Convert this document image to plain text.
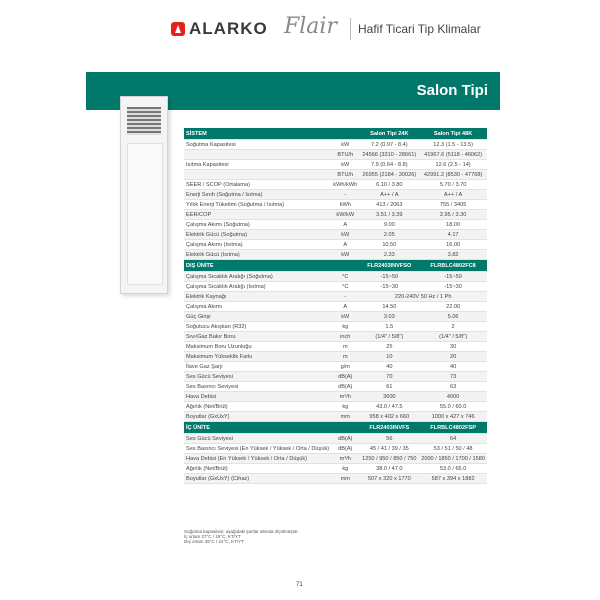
ALARKO Flair Hafif Ticari Tip Klimalar
Salon Tipi
SİSTEM		Salon Tipi 24K	Salon Tipi 48K
Soğutma Kapasitesi	kW	7.2 (0.97 - 8.4)	12.3 (1.5 - 13.5)
	BTU/h	24566 (3310 - 28661)	41967.6 (5118 - 46062)
Isıtma Kapasitesi	kW	7.9 (0.64 - 8.8)	12.6 (2.5 - 14)
	BTU/h	26955 (2184 - 30026)	42991.2 (8530 - 47768)
SEER / SCOP (Ortalama)	kWh/kWh	6.10 / 3.80	5.70 / 3.70
Enerji Sınıfı (Soğutma / Isıtma)	-	A++ / A	A++ / A
Yıllık Enerji Tüketimi (Soğutma / Isıtma)	kWh	413 / 2063	755 / 3405
EER/COP	kW/kW	3.51 / 3.39	2.95 / 3.30
Çalışma Akımı (Soğutma)	A	9.00	18.00
Elektrik Gücü (Soğutma)	kW	2.05	4.17
Çalışma Akımı (Isıtma)	A	10.50	16.00
Elektrik Gücü (Isıtma)	kW	2.33	3.82
DIŞ ÜNİTE		FLR2403INVFSO	FLRBLC4802FC8
Çalışma Sıcaklık Aralığı (Soğutma)	°C	-15~50	-15~50
Çalışma Sıcaklık Aralığı (Isıtma)	°C	-15~30	-15~30
Elektrik Kaynağı	-	220-240V 50 Hz / 1 Ph	
Çalışma Akımı	A	14.50	22.00
Güç Girişi	kW	3.03	5.06
Soğutucu Akışkan (R32)	kg	1.5	2
Sıvı/Gaz Bakır Boru	inch	(1/4" / 5/8")	(1/4" / 5/8")
Maksimum Boru Uzunluğu	m	25	30
Maksimum Yükseklik Farkı	m	10	20
İlave Gaz Şarjı	g/m	40	40
Ses Gücü Seviyesi	dB(A)	70	73
Ses Basıncı Seviyesi	dB(A)	61	63
Hava Debisi	m³/h	3600	4000
Ağırlık (Net/Brüt)	kg	43.0 / 47.5	55.0 / 60.0
Boyutlar (GxUxY)	mm	958 x 402 x 660	1000 x 427 x 746
İÇ ÜNİTE		FLR2403INVFS	FLRBLC4802FSP
Ses Gücü Seviyesi	dB(A)	56	64
Ses Basıncı Seviyesi (En Yüksek / Yüksek / Orta / Düşük)	dB(A)	45 / 41 / 39 / 35	53 / 51 / 50 / 48
Hava Debisi (En Yüksek / Yüksek / Orta / Düşük)	m³/h	1250 / 950 / 850 / 750	2000 / 1850 / 1700 / 1580
Ağırlık (Net/Brüt)	kg	38.0 / 47.0	53.0 / 65.0
Boyutlar (GxUxY) (Cihaz)	mm	507 x 320 x 1770	587 x 394 x 1882
Soğutma kapasitesi; aşağıdaki şartlar altında ölçülmüştür.
İç ortam 27°C / 19°C, KT/YT
Dış ortam 35°C / 24°C, KT/YT
71
